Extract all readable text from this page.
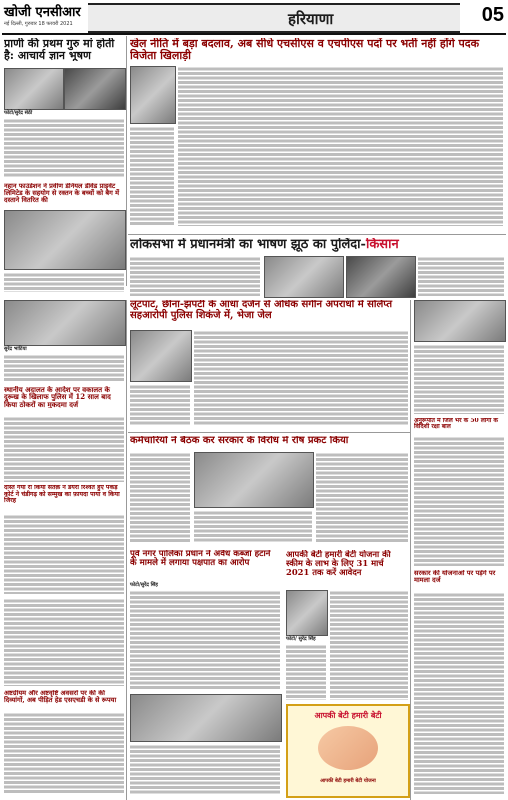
खोजी एनसीआर
नई दिल्ली, गुरुवार 18 फरवरी 2021	हरियाणा	05
प्राणी की प्रथम गुरु मां होती है: आचार्य ज्ञान भूषण
फोटो/सुरेंद्र सेठी
नहान फाउंडेशन ने प्रवीण डेनियल डेविड प्राइवेट लिमिटेड के सहयोग से रक्तन के बच्चों को बैग में दस्ताने वितरित की
खेल नीति में बड़ा बदलाव, अब सीधे एचसीएस व एचपीएस पदों पर भर्ती नहीं होंगे पदक विजेता खिलाड़ी
लोकसभा में प्रधानमंत्री का भाषण झूठ का पुलिंदा-किसान
सुरेंद्र भाटिया
स्थानीय अदालत के आदेश पर वकालत के दुरूख के खिलाफ पुलिस में 12 साल बाद किया ठोकरों का मुकदमा दर्ज
दोस्त गया रो किया सतक़ ने डेयरी रिश्वत हुए पकड़ कोर्ट ने चंडीगढ़ को सम्मुख का फ़ायदा पाया व किया जिरह
अष्टग्रीयम और अष्टवृष्टि अवसरों पर की की दिव्यांगों, अब पीड़ित हेड एसएचडी के से रूपया
लूटपाट, छीना-झपटी के आधा दर्जन से अधिक संगीन अपराधों में संलिप्त सहआरोपी पुलिस शिकंजे में, भेजा जेल
कर्मचारियों ने बैठक कर सरकार के विरोध में रोष प्रकट किया
पूर्व नगर पालिका प्रधान ने अवैध कब्जा हटाने के मामले में लगाया पक्षपात का आरोप
फोटो/सुरेंद्र सिंह
आपकी बेटी हमारी बेटी योजना की स्कीम के लाभ के लिए 31 मार्च 2021 तक करें आवेदन
फोटो/ सुरेंद्र सिंह
आपकी बेटी हमारी बेटी
आपकी बेटी हमारी बेटी योजना
अनुरूपीत में जिले भर के 50 लोगों के विदिशी रक्षा बाल
सरकार की योजनाओं पर पड़ेंगे पर मामला दर्ज
